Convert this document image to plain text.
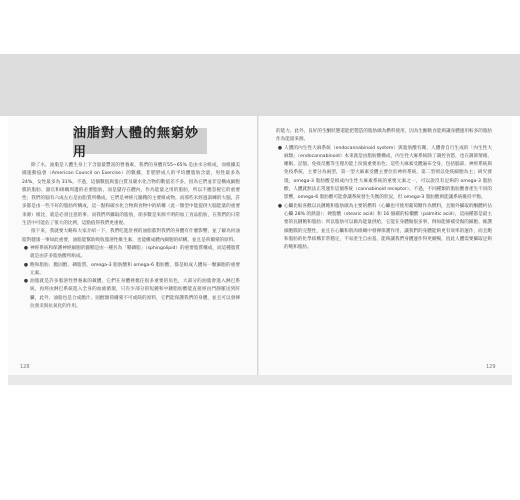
油脂對人體的無窮妙用

除了水，油脂是人體生身上下含量最豐富的營養素，我們的身體有55~65% 是由水分組成，而根據美國運動協會（American Council on Exercise）的數據，非肥胖成人的平均體脂肪含量，男性最多為 24%，女性最多為 31%。不過，這個數值與蛋白質及碳水化合物的數值差不多，因為它們並非是構成細胞膜的脂肪、器官和組織周邊的必要脂肪，而是儲存在體內，作為能量之用的脂肪，所以不應忽視它的重要性；我們的腦有六成左右是由脂質所構成，它們是神經元髓鞘的主要組成物，而那些未經過訓練的大腦，許多都是由一些不好的脂肪所構成，這一點和碳水化合物與食物中的結構（此一類型中能提供大腦能量的重要來源）相比，就是必須注意的事。而我們所攝取的脂肪，卻多數是來源不明的加工食品脂肪，在我們的日常生活中可能佔了很大的比例，這點值得我們更重視。

接下來，我就要大略和大家介紹一下，我們吃進肚裡的油脂都對我們的身體有什麼影響，並了解為何油脂對健康一事如此重要，油脂能幫助吸收脂溶性維生素，也能構成體內細胞的結構，並且是荷爾蒙的原料。

● 神經系統和保護神經細胞的髓鞘是由一種名為「鞘磷脂」（sphingolipid）的重要脂質構成，而這種脂質就是由許多脂肪酸所組成。
● 飽和脂肪、膽固醇、磷脂質、omega-3 脂肪酸和 omega-6 脂肪酸，都是組成人體每一顆細胞的重要元素。
● 油脂就是許多脂溶性營養素的載體，它們在身體裡擔任很多重要的角色，大部分的油脂會進入淋巴系統，再經由淋巴系統進入全身的血液循環，只有少部分的短鏈和中鏈脂肪酸能直接經由門靜脈送到肝臟，此外，油脂也是合成膽汁、固醇類荷爾蒙不可或缺的原料，它們能保護我們的身體，並且可以發揮抗發炎與抗氧化的作用。

的能力。此外，良好的生酮狀態還能把製造的脂肪做為燃料使用，因為生酮飲食能夠讓身體運用較多的脂肪作為能量來源。

● 人體的內生性大麻系統（endocannabinoid system）與脂肪酸有關，人體會自行生成的「內生性大麻類」（endocannabinoid）本來就是由脂肪酸構成，內生性大麻系統除了調控食慾，也在調節情緒、睡眠、記憶、免疫反應等生理功能上扮演重要角色；這些大麻素受體遍布全身，包括腦部、神經系統與免疫系統，主要分為兩型，第一型大麻素受體主要位於神經系統，第二型則以免疫細胞為主；研究發現，omega-3 脂肪酸是組成內生性大麻素系統的重要元素之一，可以說沒有足夠的 omega-3 脂肪酸，人體就無法正常運作這個系統（cannabinoid receptor）。不過，不同種類的脂肪酸會產生不同的影響，omega-6 脂肪酸可能會讓系統發生失衡的狀況，但 omega-3 脂肪酸則能讓系統維持平衡。
● 心臟比較喜歡以長鏈飽和脂肪做為主要的燃料（心臟也可使用葡萄糖作為燃料，且額外攝取的酮體約佔心臟 28% 的熱量）；硬脂酸（stearic acid）和 16 個碳的棕櫚酸（palmitic acid），這兩種都是最主要的長鏈飽和脂肪；所以脂肪可以做為能量供給，它能在身體做很多事，例如能修補受傷的細胞、維護細胞膜的完整性，並且在心臟和肌肉組織中發揮保護作用，讓我們的身體能夠更有效率的運作，而且飽和脂肪的化學結構非常穩定，不易產生自由基，能夠讓我們身體運作得更順暢，因此人體需要攝取足夠的飽和脂肪。
128	129
